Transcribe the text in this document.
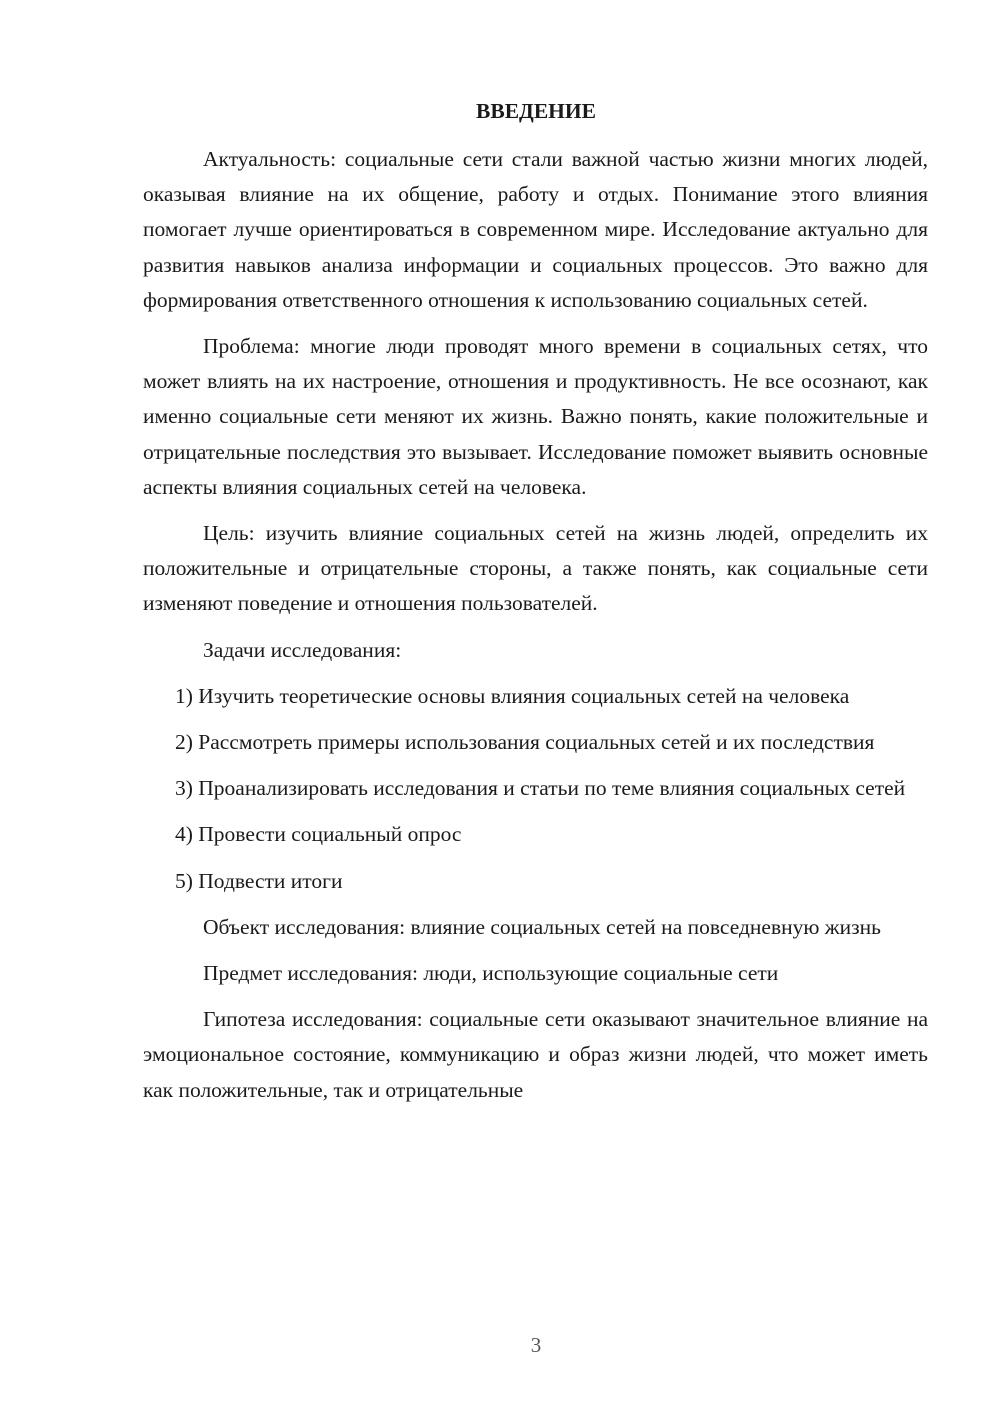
ВВЕДЕНИЕ

Актуальность: социальные сети стали важной частью жизни многих людей, оказывая влияние на их общение, работу и отдых. Понимание этого влияния помогает лучше ориентироваться в современном мире. Исследование актуально для развития навыков анализа информации и социальных процессов. Это важно для формирования ответственного отношения к использованию социальных сетей.

Проблема: многие люди проводят много времени в социальных сетях, что может влиять на их настроение, отношения и продуктивность. Не все осознают, как именно социальные сети меняют их жизнь. Важно понять, какие положительные и отрицательные последствия это вызывает. Исследование поможет выявить основные аспекты влияния социальных сетей на человека.

Цель: изучить влияние социальных сетей на жизнь людей, определить их положительные и отрицательные стороны, а также понять, как социальные сети изменяют поведение и отношения пользователей.

Задачи исследования:

1) Изучить теоретические основы влияния социальных сетей на человека

2) Рассмотреть примеры использования социальных сетей и их последствия

3) Проанализировать исследования и статьи по теме влияния социальных сетей

4) Провести социальный опрос

5) Подвести итоги

Объект исследования: влияние социальных сетей на повседневную жизнь

Предмет исследования: люди, использующие социальные сети

Гипотеза исследования: социальные сети оказывают значительное влияние на эмоциональное состояние, коммуникацию и образ жизни людей, что может иметь как положительные, так и отрицательные

3
